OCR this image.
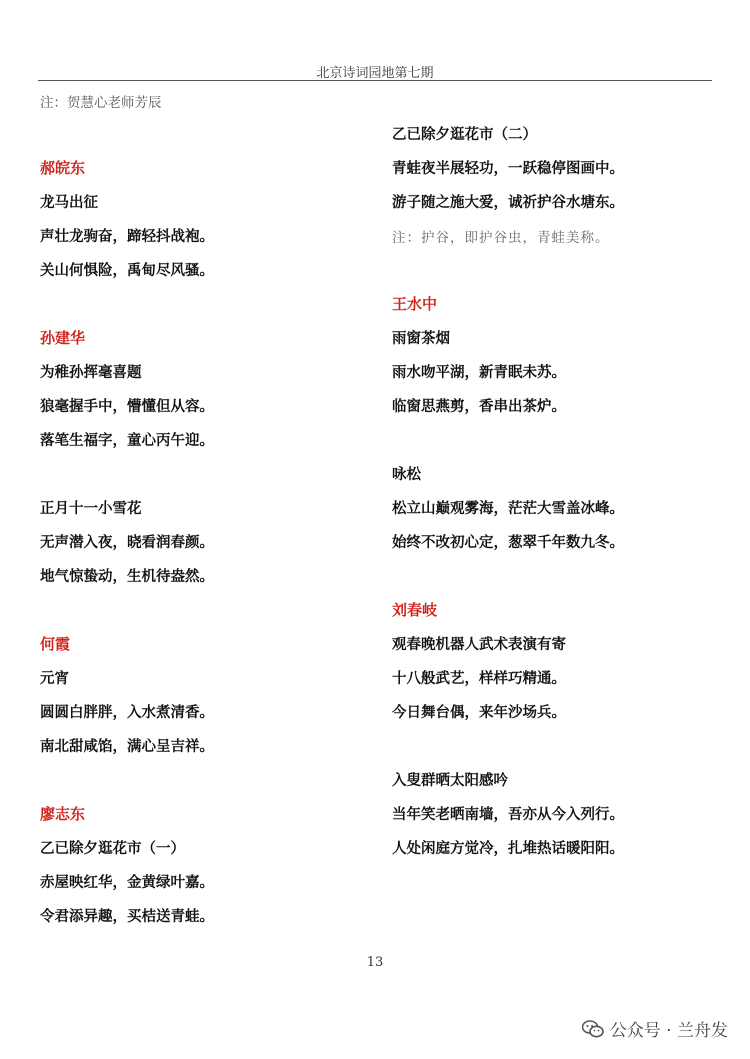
北京诗词园地第七期
注：贺慧心老师芳辰
郝皖东
龙马出征
声壮龙驹奋，蹄轻抖战袍。
关山何惧险，禹甸尽风骚。
孙建华
为稚孙挥毫喜题
狼毫握手中，懵懂但从容。
落笔生福字，童心丙午迎。
正月十一小雪花
无声潜入夜，晓看润春颜。
地气惊蛰动，生机待盎然。
何霞
元宵
圆圆白胖胖，入水煮清香。
南北甜咸馅，满心呈吉祥。
廖志东
乙已除夕逛花市（一）
赤屋映红华，金黄绿叶嘉。
令君添异趣，买桔送青蛙。
乙已除夕逛花市（二）
青蛙夜半展轻功，一跃稳停图画中。
游子随之施大爱，诚祈护谷水塘东。
注：护谷，即护谷虫，青蛙美称。
王水中
雨窗茶烟
雨水吻平湖，新青眠未苏。
临窗思燕剪，香串出茶炉。
咏松
松立山巅观雾海，茫茫大雪盖冰峰。
始终不改初心定，葱翠千年数九冬。
刘春岐
观春晚机器人武术表演有寄
十八般武艺，样样巧精通。
今日舞台偶，来年沙场兵。
入叟群晒太阳感吟
当年笑老晒南墙，吾亦从今入列行。
人处闲庭方觉冷，扎堆热话暖阳阳。
13
公众号 · 兰舟发
